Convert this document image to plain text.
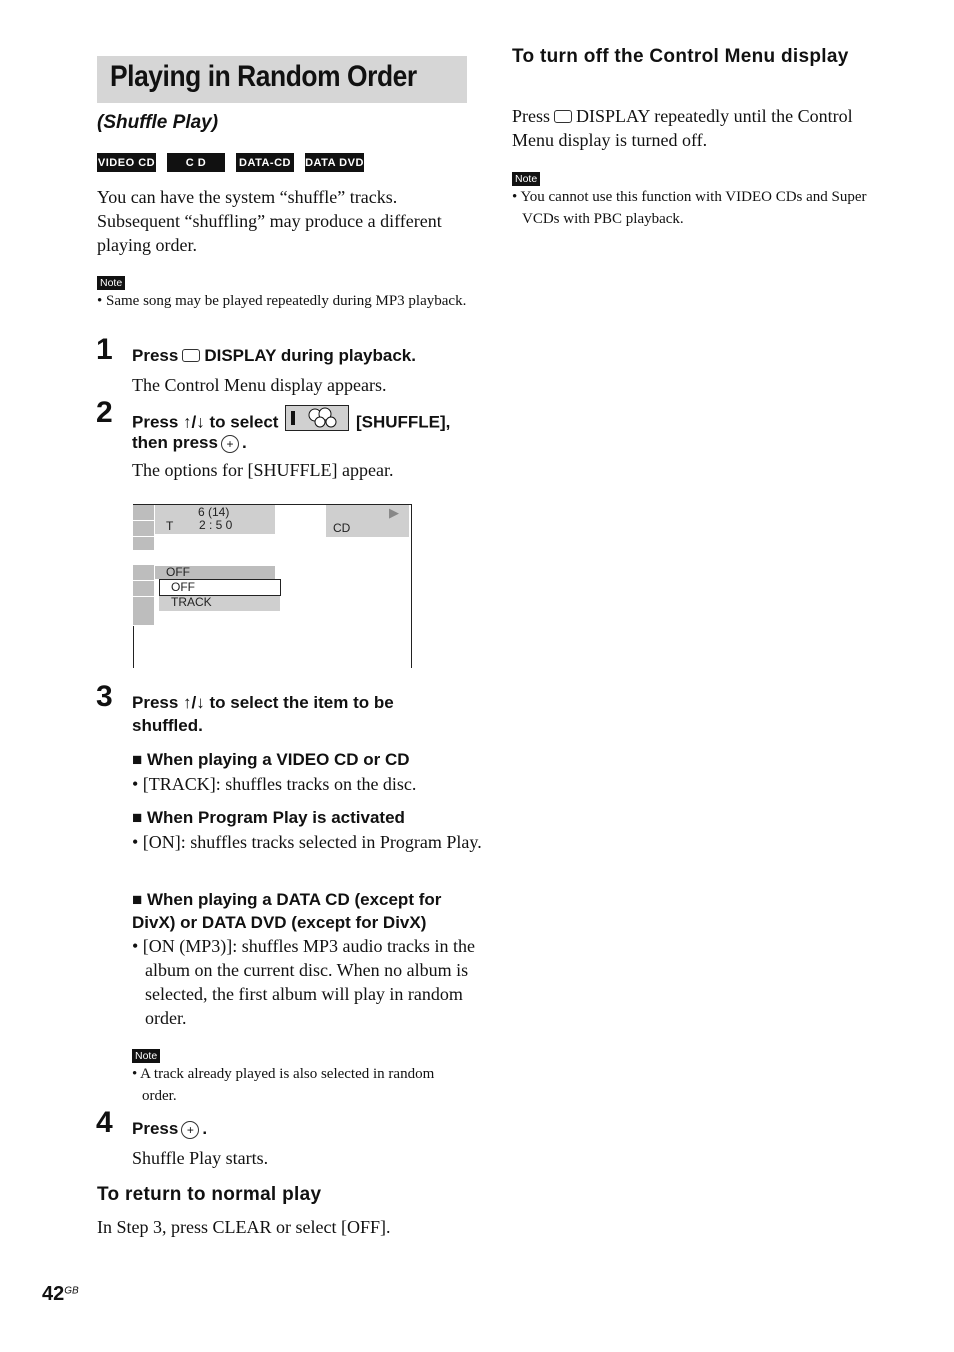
Playing in Random Order
(Shuffle Play)
VIDEO CD	C D	DATA-CD DATA DVD
You can have the system “shuffle” tracks. Subsequent “shuffling” may produce a different playing order.
Note
• Same song may be played repeatedly during MP3 playback.
1 Press DISPLAY during playback.
The Control Menu display appears.
2 Press ↑/↓ to select	[SHUFFLE],
then press + .
The options for [SHUFFLE] appear.
6 (14)
T 2 : 5 0
▶
CD
OFF
OFF
TRACK
3 Press ↑/↓ to select the item to be shuffled.
■ When playing a VIDEO CD or CD
• [TRACK]: shuffles tracks on the disc.
■ When Program Play is activated
• [ON]: shuffles tracks selected in Program Play.
■ When playing a DATA CD (except for DivX) or DATA DVD (except for DivX)
• [ON (MP3)]: shuffles MP3 audio tracks in the album on the current disc. When no album is selected, the first album will play in random order.
Note
• A track already played is also selected in random order.
4 Press + .
Shuffle Play starts.
To return to normal play
In Step 3, press CLEAR or select [OFF].
$42^{GB}$
To turn off the Control Menu display
Press DISPLAY repeatedly until the Control Menu display is turned off.
Note
• You cannot use this function with VIDEO CDs and Super VCDs with PBC playback.
